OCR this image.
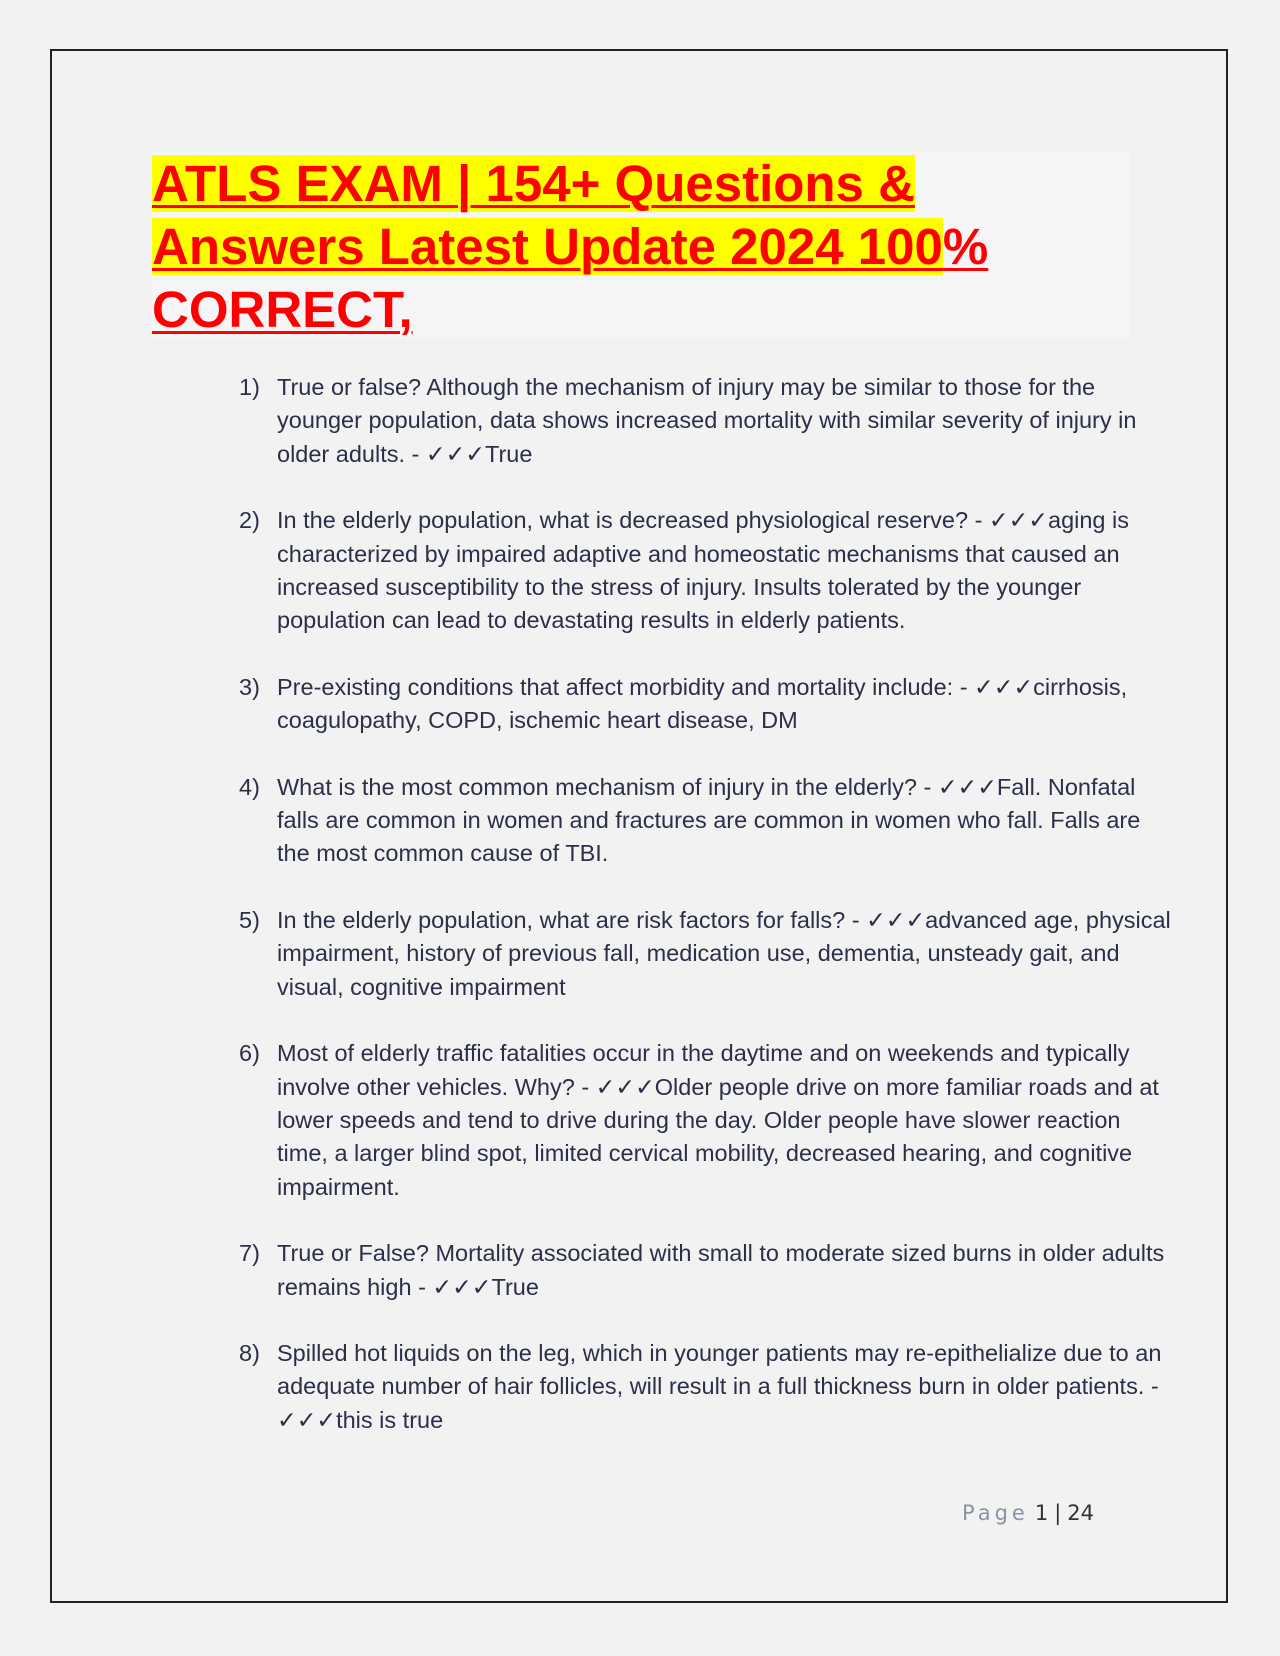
ATLS EXAM | 154+ Questions & Answers Latest Update 2024 100% CORRECT,
1) True or false? Although the mechanism of injury may be similar to those for the younger population, data shows increased mortality with similar severity of injury in older adults. - ✓✓✓True
2) In the elderly population, what is decreased physiological reserve? - ✓✓✓aging is characterized by impaired adaptive and homeostatic mechanisms that caused an increased susceptibility to the stress of injury. Insults tolerated by the younger population can lead to devastating results in elderly patients.
3) Pre-existing conditions that affect morbidity and mortality include: - ✓✓✓cirrhosis, coagulopathy, COPD, ischemic heart disease, DM
4) What is the most common mechanism of injury in the elderly? - ✓✓✓Fall. Nonfatal falls are common in women and fractures are common in women who fall. Falls are the most common cause of TBI.
5) In the elderly population, what are risk factors for falls? - ✓✓✓advanced age, physical impairment, history of previous fall, medication use, dementia, unsteady gait, and visual, cognitive impairment
6) Most of elderly traffic fatalities occur in the daytime and on weekends and typically involve other vehicles. Why? - ✓✓✓Older people drive on more familiar roads and at lower speeds and tend to drive during the day. Older people have slower reaction time, a larger blind spot, limited cervical mobility, decreased hearing, and cognitive impairment.
7) True or False? Mortality associated with small to moderate sized burns in older adults remains high - ✓✓✓True
8) Spilled hot liquids on the leg, which in younger patients may re-epithelialize due to an adequate number of hair follicles, will result in a full thickness burn in older patients. - ✓✓✓this is true
Page 1 | 24
